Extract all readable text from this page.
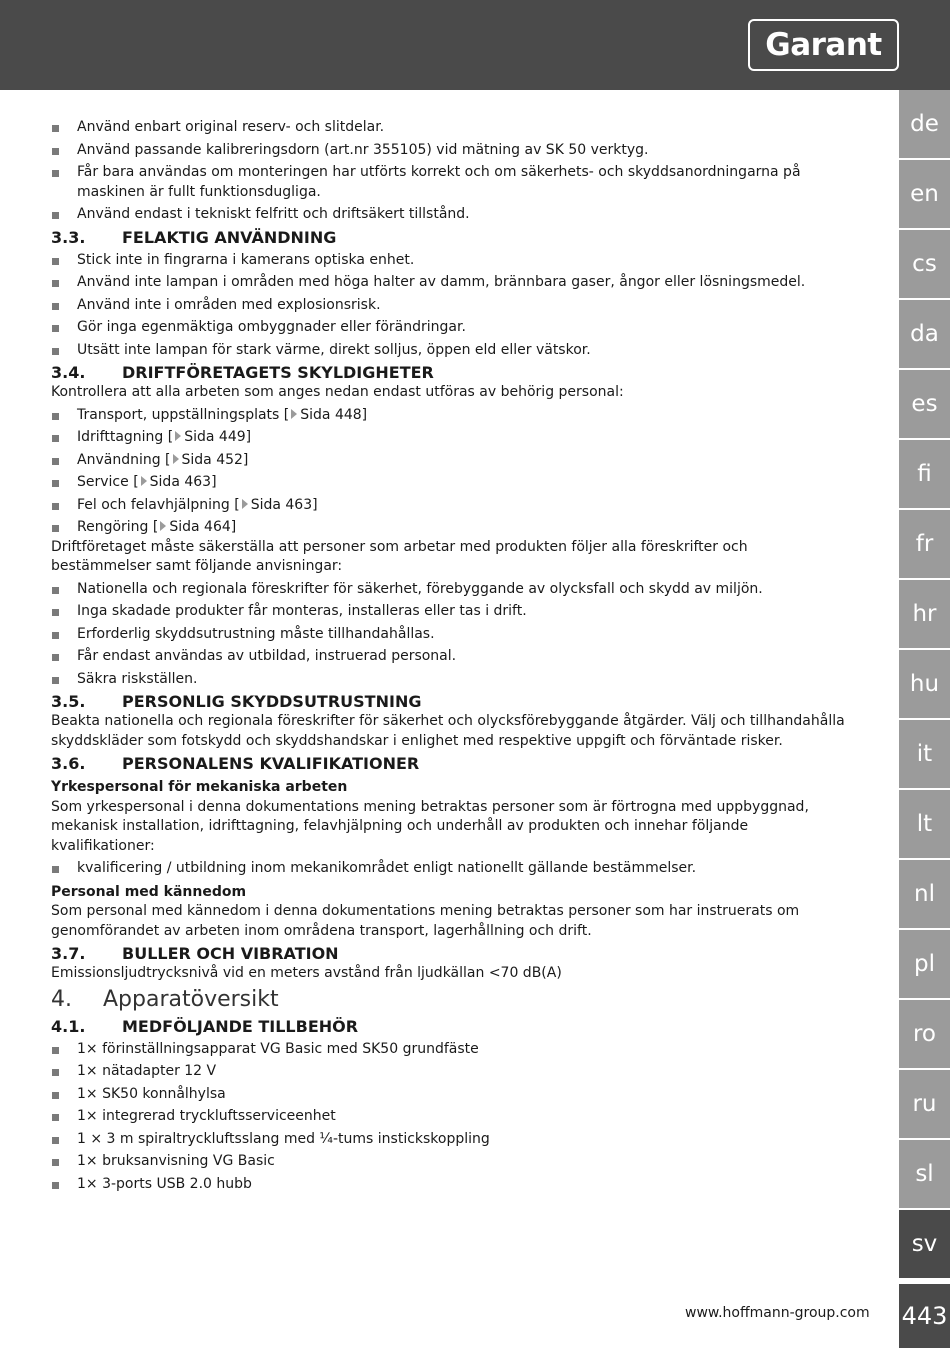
Garant
de
en
cs
da
es
fi
fr
hr
hu
it
lt
nl
pl
ro
ru
sl
sv
443
Använd enbart original reserv- och slitdelar.
Använd passande kalibreringsdorn (art.nr 355105) vid mätning av SK 50 verktyg.
Får bara användas om monteringen har utförts korrekt och om säkerhets- och skyddsanordningarna på maskinen är fullt funktionsdugliga.
Använd endast i tekniskt felfritt och driftsäkert tillstånd.
3.3.	FELAKTIG ANVÄNDNING
Stick inte in fingrarna i kamerans optiska enhet.
Använd inte lampan i områden med höga halter av damm, brännbara gaser, ångor eller lösningsmedel.
Använd inte i områden med explosionsrisk.
Gör inga egenmäktiga ombyggnader eller förändringar.
Utsätt inte lampan för stark värme, direkt solljus, öppen eld eller vätskor.
3.4.	DRIFTFÖRETAGETS SKYLDIGHETER
Kontrollera att alla arbeten som anges nedan endast utföras av behörig personal:
Transport, uppställningsplats [ Sida 448]
Idrifttagning [ Sida 449]
Användning [ Sida 452]
Service [ Sida 463]
Fel och felavhjälpning [ Sida 463]
Rengöring [ Sida 464]
Driftföretaget måste säkerställa att personer som arbetar med produkten följer alla föreskrifter och bestämmelser samt följande anvisningar:
Nationella och regionala föreskrifter för säkerhet, förebyggande av olycksfall och skydd av miljön.
Inga skadade produkter får monteras, installeras eller tas i drift.
Erforderlig skyddsutrustning måste tillhandahållas.
Får endast användas av utbildad, instruerad personal.
Säkra riskställen.
3.5.	PERSONLIG SKYDDSUTRUSTNING
Beakta nationella och regionala föreskrifter för säkerhet och olycksförebyggande åtgärder. Välj och tillhandahålla skyddskläder som fotskydd och skyddshandskar i enlighet med respektive uppgift och förväntade risker.
3.6.	PERSONALENS KVALIFIKATIONER
Yrkespersonal för mekaniska arbeten
Som yrkespersonal i denna dokumentations mening betraktas personer som är förtrogna med uppbyggnad, mekanisk installation, idrifttagning, felavhjälpning och underhåll av produkten och innehar följande kvalifikationer:
kvalificering / utbildning inom mekanikområdet enligt nationellt gällande bestämmelser.
Personal med kännedom
Som personal med kännedom i denna dokumentations mening betraktas personer som har instruerats om genomförandet av arbeten inom områdena transport, lagerhållning och drift.
3.7.	BULLER OCH VIBRATION
Emissionsljudtrycksnivå vid en meters avstånd från ljudkällan <70 dB(A)
4.	Apparatöversikt
4.1.	MEDFÖLJANDE TILLBEHÖR
1× förinställningsapparat VG Basic med SK50 grundfäste
1× nätadapter 12 V
1× SK50 konnålhylsa
1× integrerad tryckluftsserviceenhet
1 × 3 m spiraltryckluftsslang med ¼-tums instickskoppling
1× bruksanvisning VG Basic
1× 3-ports USB 2.0 hubb
www.hoffmann-group.com
